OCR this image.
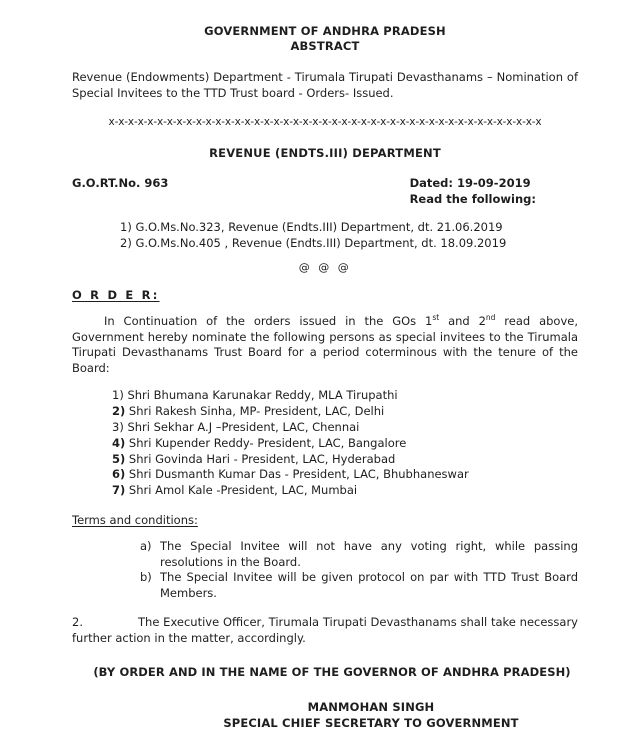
GOVERNMENT OF ANDHRA PRADESH
ABSTRACT
Revenue (Endowments) Department - Tirumala Tirupati Devasthanams – Nomination of Special Invitees to the TTD Trust board - Orders- Issued.
x-x-x-x-x-x-x-x-x-x-x-x-x-x-x-x-x-x-x-x-x-x-x-x-x-x-x-x-x-x-x-x-x-x-x-x-x-x-x-x-x-x-x-x-x
REVENUE (ENDTS.III) DEPARTMENT
G.O.RT.No. 963	Dated: 19-09-2019
Read the following:
1) G.O.Ms.No.323, Revenue (Endts.III) Department, dt. 21.06.2019
2) G.O.Ms.No.405 , Revenue (Endts.III) Department, dt. 18.09.2019
@ @ @
O R D E R:
In Continuation of the orders issued in the GOs 1st and 2nd read above, Government hereby nominate the following persons as special invitees to the Tirumala Tirupati Devasthanams Trust Board for a period coterminous with the tenure of the Board:
1) Shri Bhumana Karunakar Reddy, MLA Tirupathi
2) Shri Rakesh Sinha, MP- President, LAC, Delhi
3) Shri Sekhar A.J –President, LAC, Chennai
4) Shri Kupender Reddy- President, LAC, Bangalore
5) Shri Govinda Hari - President, LAC, Hyderabad
6) Shri Dusmanth Kumar Das - President, LAC, Bhubhaneswar
7) Shri Amol Kale -President, LAC, Mumbai
Terms and conditions:
a) The Special Invitee will not have any voting right, while passing resolutions in the Board.
b) The Special Invitee will be given protocol on par with TTD Trust Board Members.
2.	The Executive Officer, Tirumala Tirupati Devasthanams shall take necessary further action in the matter, accordingly.
(BY ORDER AND IN THE NAME OF THE GOVERNOR OF ANDHRA PRADESH)
MANMOHAN SINGH
SPECIAL CHIEF SECRETARY TO GOVERNMENT
